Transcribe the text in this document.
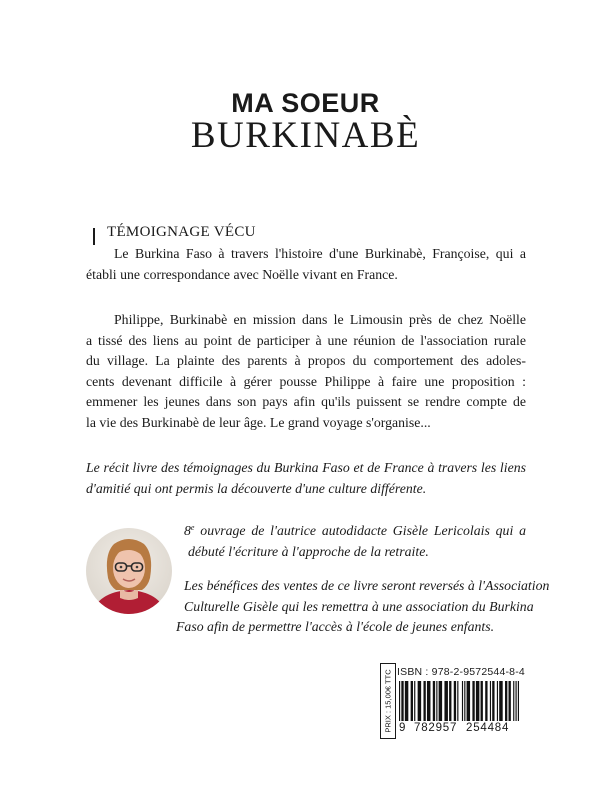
MA SOEUR
BURKINABÈ
TÉMOIGNAGE VÉCU
Le Burkina Faso à travers l'histoire d'une Burkinabè, Françoise, qui a
établi une correspondance avec Noëlle vivant en France.
Philippe, Burkinabè en mission dans le Limousin près de chez Noëlle
a tissé des liens au point de participer à une réunion de l'association rurale
du village. La plainte des parents à propos du comportement des adoles-
cents devenant difficile à gérer pousse Philippe à faire une proposition :
emmener les jeunes dans son pays afin qu'ils puissent se rendre compte de
la vie des Burkinabè de leur âge. Le grand voyage s'organise...
Le récit livre des témoignages du Burkina Faso et de France à travers les liens
d'amitié qui ont permis la découverte d'une culture différente.
8e ouvrage de l'autrice autodidacte Gisèle Lericolais qui a
débuté l'écriture à l'approche de la retraite.
Les bénéfices des ventes de ce livre seront reversés à l'Association
Culturelle Gisèle qui les remettra à une association du Burkina
Faso afin de permettre l'accès à l'école de jeunes enfants.
PRIX : 15,00€ TTC ISBN : 978-2-9572544-8-4
9 782957 254484
